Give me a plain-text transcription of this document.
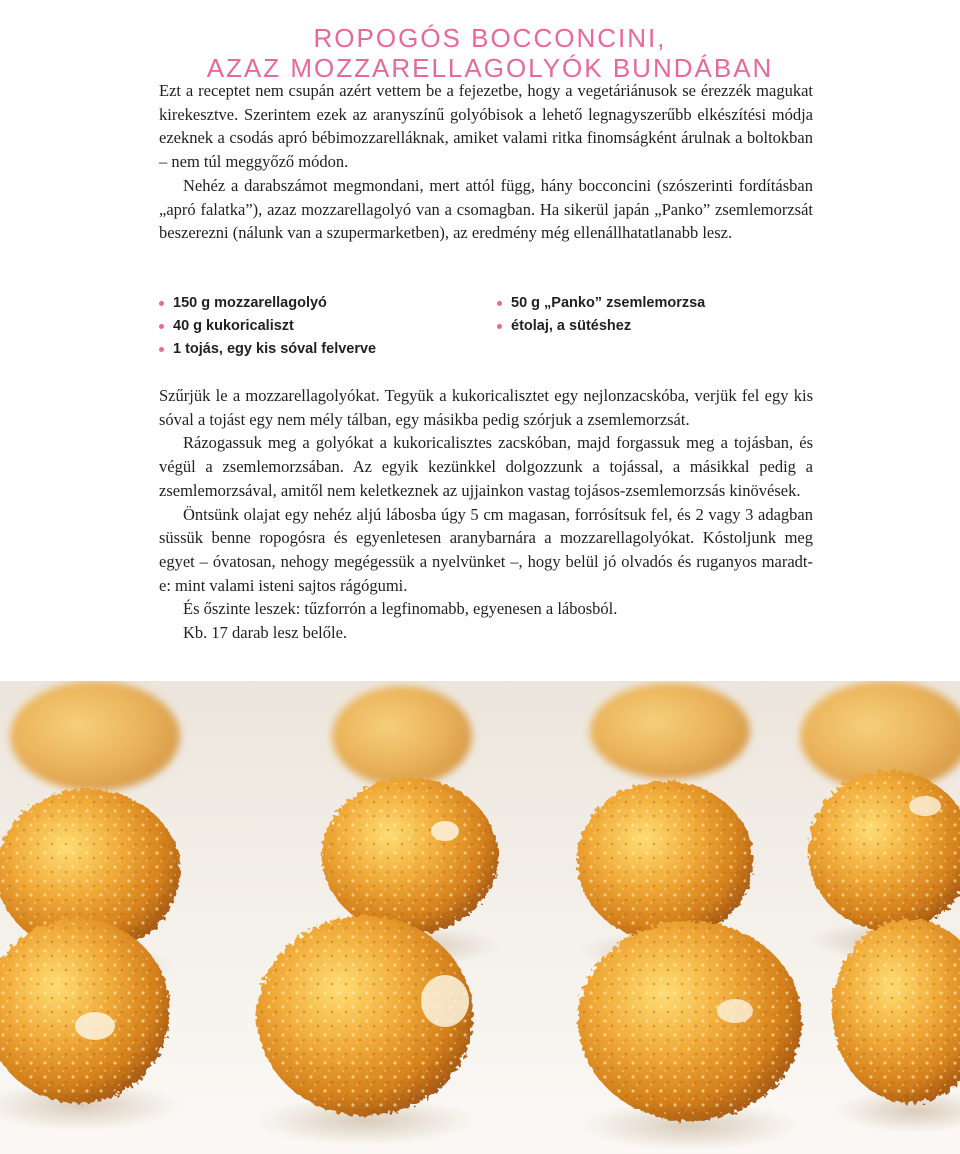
ROPOGÓS BOCCONCINI,
AZAZ MOZZARELLAGOLYÓK BUNDÁBAN

Ezt a receptet nem csupán azért vettem be a fejezetbe, hogy a vegetáriánusok se érezzék magukat kirekesztve. Szerintem ezek az aranyszínű golyóbisok a lehető legnagyszerűbb elkészítési módja ezeknek a csodás apró bébimozzarelláknak, amiket valami ritka finomságként árulnak a boltokban – nem túl meggyőző módon.

Nehéz a darabszámot megmondani, mert attól függ, hány bocconcini (szószerinti fordításban „apró falatka”), azaz mozzarellagolyó van a csomagban. Ha sikerül japán „Panko” zsemlemorzsát beszerezni (nálunk van a szupermarketben), az eredmény még ellenállhatatlanabb lesz.

150 g mozzarellagolyó
40 g kukoricaliszt
1 tojás, egy kis sóval felverve
50 g „Panko” zsemlemorzsa
étolaj, a sütéshez

Szűrjük le a mozzarellagolyókat. Tegyük a kukoricalisztet egy nejlonzacskóba, verjük fel egy kis sóval a tojást egy nem mély tálban, egy másikba pedig szórjuk a zsemlemorzsát.

Rázogassuk meg a golyókat a kukoricalisztes zacskóban, majd forgassuk meg a tojásban, és végül a zsemlemorzsában. Az egyik kezünkkel dolgozzunk a tojással, a másikkal pedig a zsemlemorzsával, amitől nem keletkeznek az ujjainkon vastag tojásos-zsemlemorzsás kinövések.

Öntsünk olajat egy nehéz aljú lábosba úgy 5 cm magasan, forrósítsuk fel, és 2 vagy 3 adagban süssük benne ropogósra és egyenletesen aranybarnára a mozzarellagolyókat. Kóstoljunk meg egyet – óvatosan, nehogy megégessük a nyelvünket –, hogy belül jó olvadós és ruganyos maradt-e: mint valami isteni sajtos rágógumi.

És őszinte leszek: tűzforrón a legfinomabb, egyenesen a lábosból.

Kb. 17 darab lesz belőle.
